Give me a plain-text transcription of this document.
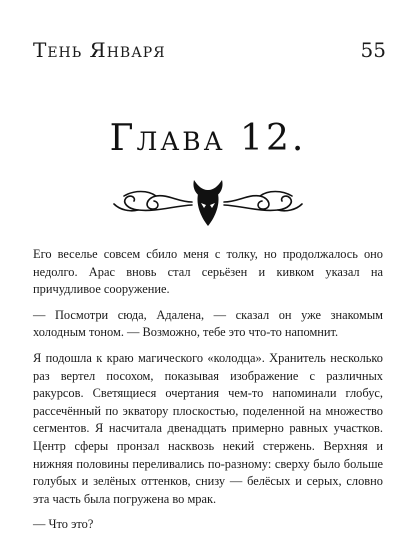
Тень Января	55
Глава 12.

Его веселье совсем сбило меня с толку, но продолжалось оно недолго. Арас вновь стал серьёзен и кивком указал на причудливое сооружение.

— Посмотри сюда, Адалена, — сказал он уже знакомым холодным тоном. — Возможно, тебе это что-то напомнит.

Я подошла к краю магического «колодца». Хранитель несколько раз вертел посохом, показывая изображение с различных ракурсов. Светящиеся очертания чем-то напоминали глобус, рассечённый по экватору плоскостью, поделенной на множество сегментов. Я насчитала двенадцать примерно равных участков. Центр сферы пронзал насквозь некий стержень. Верхняя и нижняя половины переливались по-разному: сверху было больше голубых и зелёных оттенков, снизу — белёсых и серых, словно эта часть была погружена во мрак.

— Что это?
